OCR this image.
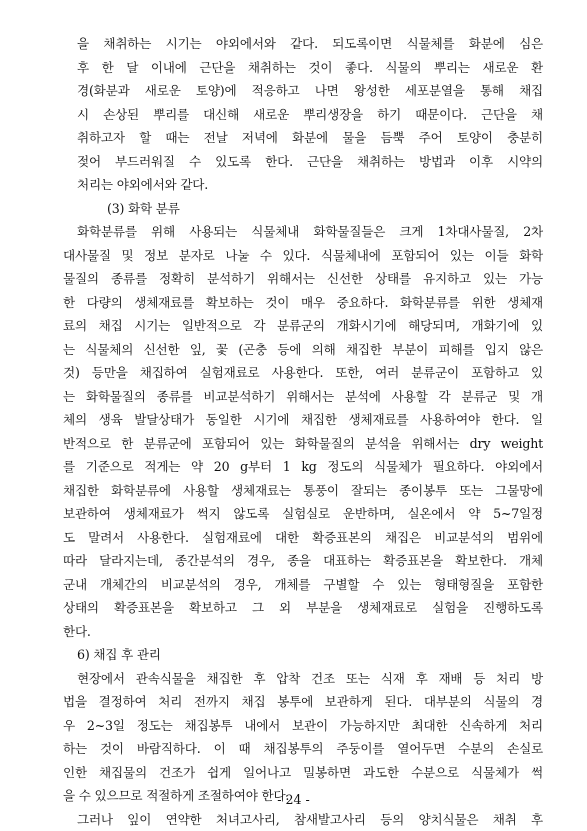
을 채취하는 시기는 야외에서와 같다. 되도록이면 식물체를 화분에 심은
후 한 달 이내에 근단을 채취하는 것이 좋다. 식물의 뿌리는 새로운 환
경(화분과 새로운 토양)에 적응하고 나면 왕성한 세포분열을 통해 채집
시 손상된 뿌리를 대신해 새로운 뿌리생장을 하기 때문이다. 근단을 채
취하고자 할 때는 전날 저녁에 화분에 물을 듬뿍 주어 토양이 충분히
젖어 부드러워질 수 있도록 한다. 근단을 채취하는 방법과 이후 시약의
처리는 야외에서와 같다.
(3) 화학 분류
화학분류를 위해 사용되는 식물체내 화학물질들은 크게 1차대사물질, 2차
대사물질 및 정보 분자로 나눌 수 있다. 식물체내에 포함되어 있는 이들 화학
물질의 종류를 정확히 분석하기 위해서는 신선한 상태를 유지하고 있는 가능
한 다량의 생체재료를 확보하는 것이 매우 중요하다. 화학분류를 위한 생체재
료의 채집 시기는 일반적으로 각 분류군의 개화시기에 해당되며, 개화기에 있
는 식물체의 신선한 잎, 꽃 (곤충 등에 의해 채집한 부분이 피해를 입지 않은
것) 등만을 채집하여 실험재료로 사용한다. 또한, 여러 분류군이 포함하고 있
는 화학물질의 종류를 비교분석하기 위해서는 분석에 사용할 각 분류군 및 개
체의 생육 발달상태가 동일한 시기에 채집한 생체재료를 사용하여야 한다. 일
반적으로 한 분류군에 포함되어 있는 화학물질의 분석을 위해서는 dry weight
를 기준으로 적게는 약 20 g부터 1 kg 정도의 식물체가 필요하다. 야외에서
채집한 화학분류에 사용할 생체재료는 통풍이 잘되는 종이봉투 또는 그물망에
보관하여 생체재료가 썩지 않도록 실험실로 운반하며, 실온에서 약 5~7일정
도 말려서 사용한다. 실험재료에 대한 확증표본의 채집은 비교분석의 범위에
따라 달라지는데, 종간분석의 경우, 종을 대표하는 확증표본을 확보한다. 개체
군내 개체간의 비교분석의 경우, 개체를 구별할 수 있는 형태형질을 포함한
상태의 확증표본을 확보하고 그 외 부분을 생체재료로 실험을 진행하도록
한다.
6) 채집 후 관리
현장에서 관속식물을 채집한 후 압착 건조 또는 식재 후 재배 등 처리 방
법을 결정하여 처리 전까지 채집 봉투에 보관하게 된다. 대부분의 식물의 경
우 2~3일 정도는 채집봉투 내에서 보관이 가능하지만 최대한 신속하게 처리
하는 것이 바람직하다. 이 때 채집봉투의 주둥이를 열어두면 수분의 손실로
인한 채집물의 건조가 쉽게 일어나고 밀봉하면 과도한 수분으로 식물체가 썩
을 수 있으므로 적절하게 조절하여야 한다.
그러나 잎이 연약한 처녀고사리, 참새발고사리 등의 양치식물은 채취 후
- 24 -
